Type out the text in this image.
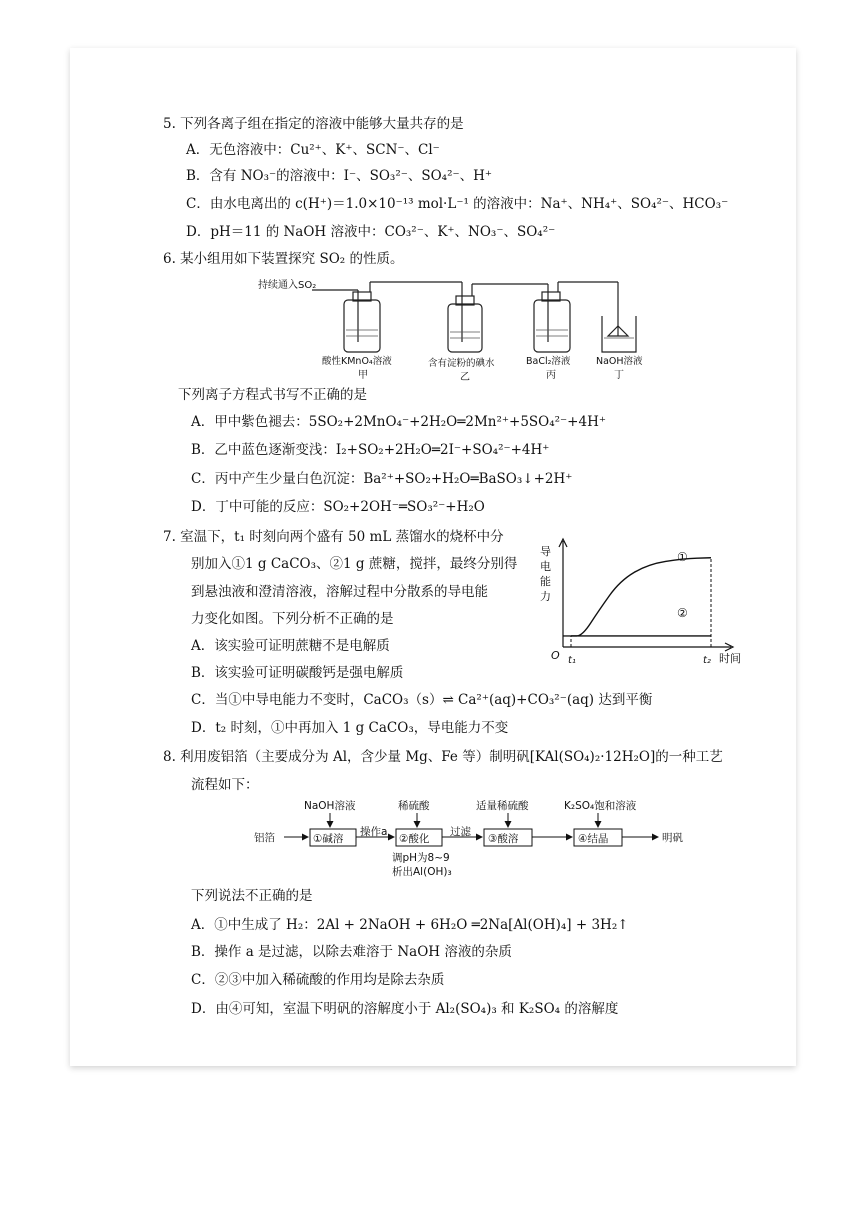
5. 下列各离子组在指定的溶液中能够大量共存的是
A．无色溶液中：Cu²⁺、K⁺、SCN⁻、Cl⁻
B．含有 NO₃⁻的溶液中：I⁻、SO₃²⁻、SO₄²⁻、H⁺
C．由水电离出的 c(H⁺)＝1.0×10⁻¹³ mol·L⁻¹ 的溶液中：Na⁺、NH₄⁺、SO₄²⁻、HCO₃⁻
D．pH＝11 的 NaOH 溶液中：CO₃²⁻、K⁺、NO₃⁻、SO₄²⁻
6. 某小组用如下装置探究 SO₂ 的性质。
持续通入SO₂
酸性KMnO₄溶液	含有淀粉的碘水	BaCl₂溶液	NaOH溶液
甲	乙	丙	丁
下列离子方程式书写不正确的是
A．甲中紫色褪去：5SO₂+2MnO₄⁻+2H₂O═2Mn²⁺+5SO₄²⁻+4H⁺
B．乙中蓝色逐渐变浅：I₂+SO₂+2H₂O═2I⁻+SO₄²⁻+4H⁺
C．丙中产生少量白色沉淀：Ba²⁺+SO₂+H₂O═BaSO₃↓+2H⁺
D．丁中可能的反应：SO₂+2OH⁻═SO₃²⁻+H₂O
7. 室温下，t₁ 时刻向两个盛有 50 mL 蒸馏水的烧杯中分
别加入①1 g CaCO₃、②1 g 蔗糖，搅拌，最终分别得
到悬浊液和澄清溶液，溶解过程中分散系的导电能
力变化如图。下列分析不正确的是
A．该实验可证明蔗糖不是电解质
B．该实验可证明碳酸钙是强电解质
C．当①中导电能力不变时，CaCO₃（s）⇌ Ca²⁺(aq)+CO₃²⁻(aq) 达到平衡
D．t₂ 时刻，①中再加入 1 g CaCO₃，导电能力不变
导
电
能
力
O t₁	t₂ 时间
①
②
8. 利用废铝箔（主要成分为 Al，含少量 Mg、Fe 等）制明矾[KAl(SO₄)₂·12H₂O]的一种工艺
流程如下：
NaOH溶液	稀硫酸	适量稀硫酸	K₂SO₄饱和溶液
铝箔	操作a	过滤	明矾
调pH为8~9
析出Al(OH)₃
①碱溶	②酸化	③酸溶	④结晶
下列说法不正确的是
A．①中生成了 H₂：2Al + 2NaOH + 6H₂O ═2Na[Al(OH)₄] + 3H₂↑
B．操作 a 是过滤，以除去难溶于 NaOH 溶液的杂质
C．②③中加入稀硫酸的作用均是除去杂质
D．由④可知，室温下明矾的溶解度小于 Al₂(SO₄)₃ 和 K₂SO₄ 的溶解度
